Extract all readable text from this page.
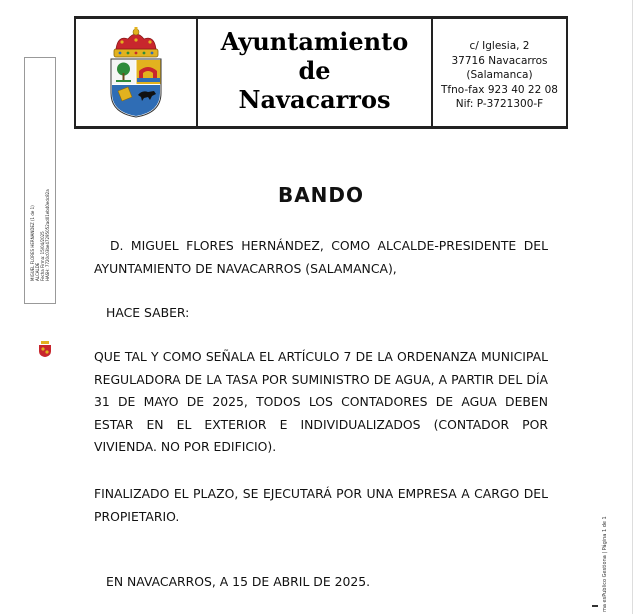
MIGUEL FLORES HERNANDEZ (1 de 1) ALCALDE Fecha Firma: 15/04/2025 HASH: 7720c03be47295052ad01eb40edc82a
Ayuntamiento
de
Navacarros
c/ Iglesia, 2
37716 Navacarros
(Salamanca)
Tfno-fax 923 40 22 08
Nif: P-3721300-F
BANDO
D. MIGUEL FLORES HERNÁNDEZ, COMO ALCALDE-PRESIDENTE DEL AYUNTAMIENTO DE NAVACARROS (SALAMANCA),
HACE SABER:
QUE TAL Y COMO SEÑALA EL ARTÍCULO 7 DE LA ORDENANZA MUNICIPAL REGULADORA DE LA TASA POR SUMINISTRO DE AGUA, A PARTIR DEL DÍA 31 DE MAYO DE 2025, TODOS LOS CONTADORES DE AGUA DEBEN ESTAR EN EL EXTERIOR E INDIVIDUALIZADOS (CONTADOR POR VIVIENDA. NO POR EDIFICIO).
FINALIZADO EL PLAZO, SE EJECUTARÁ POR UNA EMPRESA A CARGO DEL PROPIETARIO.
EN NAVACARROS, A 15 DE ABRIL DE 2025.	ma esPublico Gestiona | Página 1 de 1
